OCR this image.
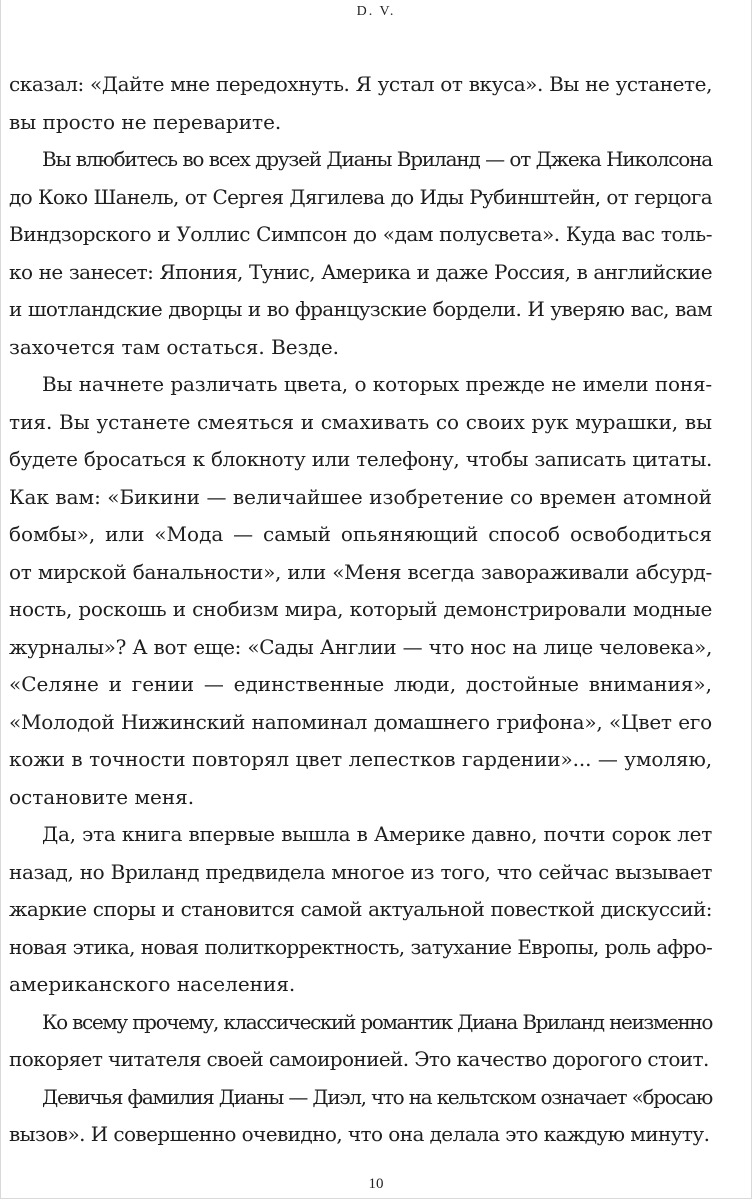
D. V.
сказал: «Дайте мне передохнуть. Я устал от вкуса». Вы не устанете,
вы просто не переварите.
Вы влюбитесь во всех друзей Дианы Вриланд — от Джека Николсона
до Коко Шанель, от Сергея Дягилева до Иды Рубинштейн, от герцога
Виндзорского и Уоллис Симпсон до «дам полусвета». Куда вас толь-
ко не занесет: Япония, Тунис, Америка и даже Россия, в английские
и шотландские дворцы и во французские бордели. И уверяю вас, вам
захочется там остаться. Везде.
Вы начнете различать цвета, о которых прежде не имели поня-
тия. Вы устанете смеяться и смахивать со своих рук мурашки, вы
будете бросаться к блокноту или телефону, чтобы записать цитаты.
Как вам: «Бикини — величайшее изобретение со времен атомной
бомбы», или «Мода — самый опьяняющий способ освободиться
от мирской банальности», или «Меня всегда завораживали абсурд-
ность, роскошь и снобизм мира, который демонстрировали модные
журналы»? А вот еще: «Сады Англии — что нос на лице человека»,
«Селяне и гении — единственные люди, достойные внимания»,
«Молодой Нижинский напоминал домашнего грифона», «Цвет его
кожи в точности повторял цвет лепестков гардении»... — умоляю,
остановите меня.
Да, эта книга впервые вышла в Америке давно, почти сорок лет
назад, но Вриланд предвидела многое из того, что сейчас вызывает
жаркие споры и становится самой актуальной повесткой дискуссий:
новая этика, новая политкорректность, затухание Европы, роль афро-
американского населения.
Ко всему прочему, классический романтик Диана Вриланд неизменно
покоряет читателя своей самоиронией. Это качество дорогого стоит.
Девичья фамилия Дианы — Диэл, что на кельтском означает «бросаю
вызов». И совершенно очевидно, что она делала это каждую минуту.
10
